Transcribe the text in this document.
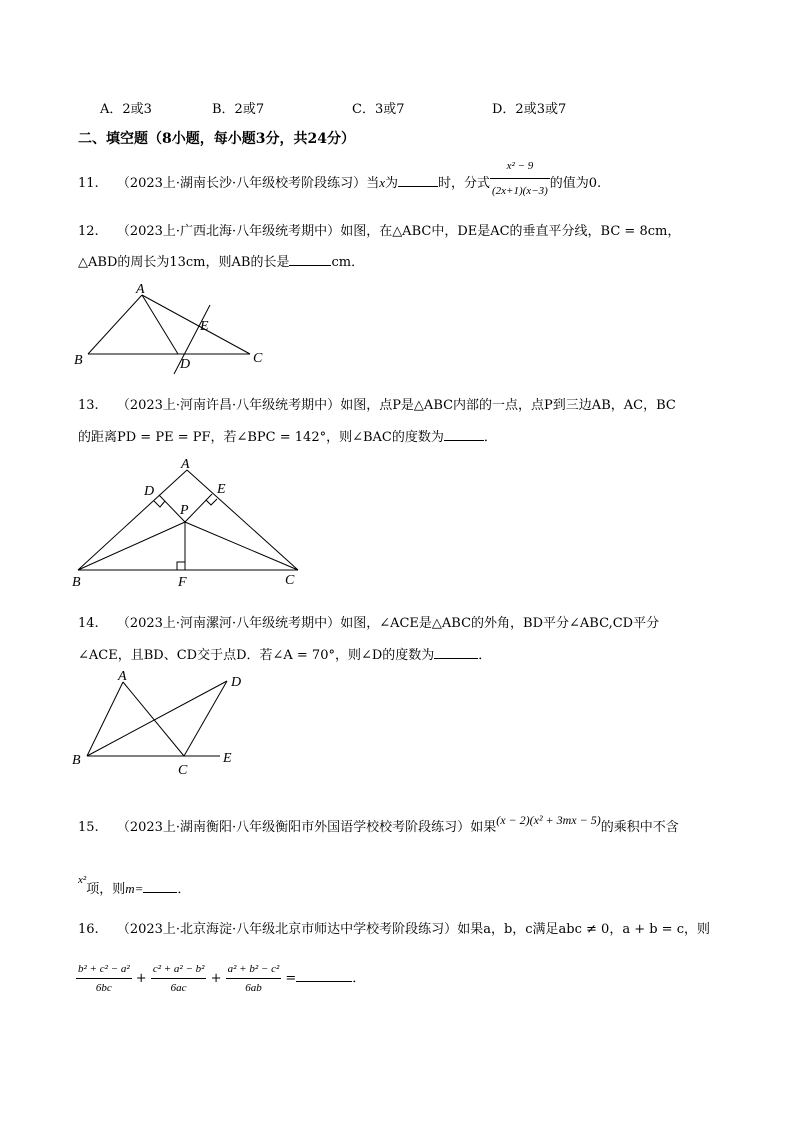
A．2或3	B．2或7	C．3或7	D．2或3或7
二、填空题（8小题，每小题3分，共24分）
11. （2023上·湖南长沙·八年级校考阶段练习）当x为	时，分式 $\frac{\text{x² − 9}}{(2x+1)(x-3)}$ 的值为0.
12. （2023上·广西北海·八年级统考期中）如图，在△ABC中，DE是AC的垂直平分线，BC = 8cm，
△ABD的周长为13cm，则AB的长是	cm．
A
B	C
D
E
13. （2023上·河南许昌·八年级统考期中）如图，点P是△ABC内部的一点，点P到三边AB，AC，BC
的距离PD = PE = PF，若∠BPC = 142°，则∠BAC的度数为	．
A
B	C
D	E
F
P
14. （2023上·河南漯河·八年级统考期中）如图，∠ACE是△ABC的外角，BD平分∠ABC,CD平分
∠ACE，且BD、CD交于点D．若∠A = 70°，则∠D的度数为	．
A
B
C
D
E
15. （2023上·湖南衡阳·八年级衡阳市外国语学校校考阶段练习）如果(x − 2)(x² + 3mx − 5)的乘积中不含
$^{x^2}$项，则m=	．
16. （2023上·北京海淀·八年级北京市师达中学校考阶段练习）如果a，b，c满足abc ≠ 0，a + b = c，则
$\frac{\text{b² + c² − a²}}{6bc} + \frac{\text{c² + a² − b²}}{6ac} + \frac{\text{a² + b² − c²}}{6ab}$ =	．
